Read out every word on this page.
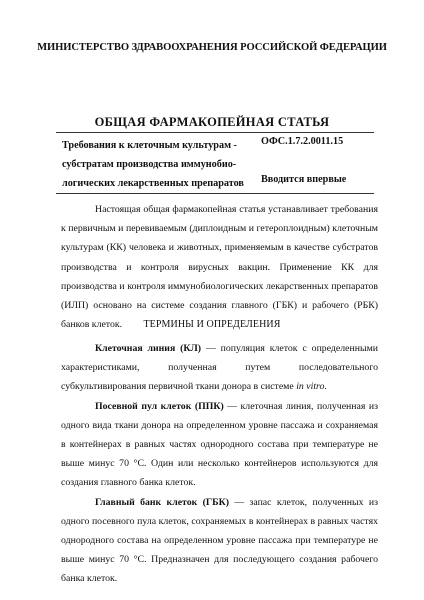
МИНИСТЕРСТВО ЗДРАВООХРАНЕНИЯ РОССИЙСКОЙ ФЕДЕРАЦИИ
ОБЩАЯ ФАРМАКОПЕЙНАЯ СТАТЬЯ
Требования к клеточным культурам -
субстратам производства иммунобио-
логических лекарственных препаратов
ОФС.1.7.2.0011.15
Вводится впервые

Настоящая общая фармакопейная статья устанавливает требования к первичным и перевиваемым (диплоидным и гетероплоидным) клеточным культурам (КК) человека и животных, применяемым в качестве субстратов производства и контроля вирусных вакцин. Применение КК для производства и контроля иммунобиологических лекарственных препаратов (ИЛП) основано на системе создания главного (ГБК) и рабочего (РБК) банков клеток.	ТЕРМИНЫ И ОПРЕДЕЛЕНИЯ

Клеточная линия (КЛ) — популяция клеток с определенными характеристиками, полученная путем последовательного субкультивирования первичной ткани донора в системе in vitro.

Посевной пул клеток (ППК) — клеточная линия, полученная из одного вида ткани донора на определенном уровне пассажа и сохраняемая в контейнерах в равных частях однородного состава при температуре не выше минус 70 °С. Один или несколько контейнеров используются для создания главного банка клеток.

Главный банк клеток (ГБК) — запас клеток, полученных из одного посевного пула клеток, сохраняемых в контейнерах в равных частях однородного состава на определенном уровне пассажа при температуре не выше минус 70 °С. Предназначен для последующего создания рабочего банка клеток.
